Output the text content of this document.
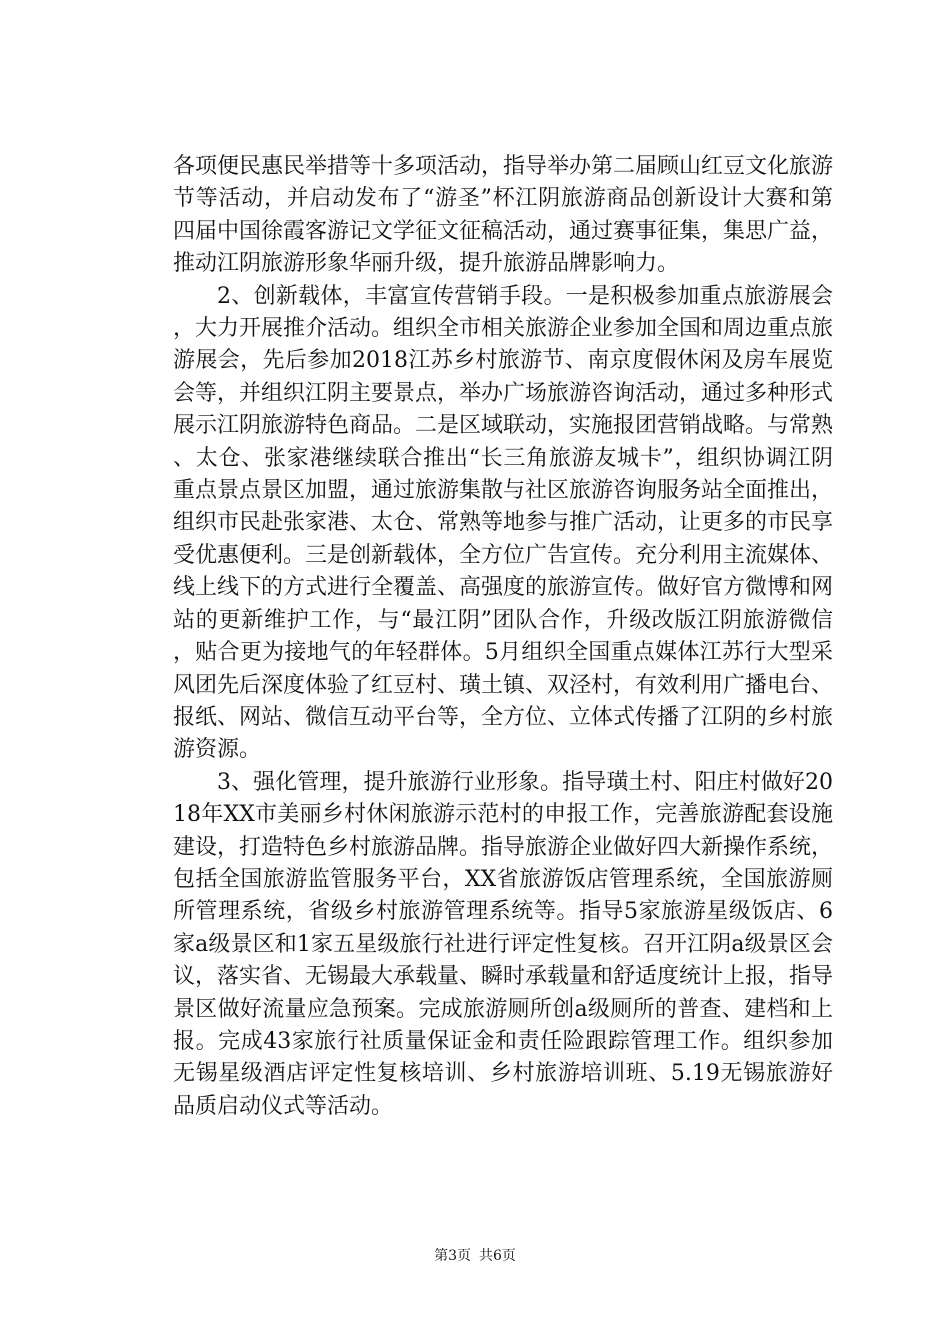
各项便民惠民举措等十多项活动，指导举办第二届顾山红豆文化旅游节等活动，并启动发布了“游圣”杯江阴旅游商品创新设计大赛和第四届中国徐霞客游记文学征文征稿活动，通过赛事征集，集思广益，推动江阴旅游形象华丽升级，提升旅游品牌影响力。

2、创新载体，丰富宣传营销手段。一是积极参加重点旅游展会，大力开展推介活动。组织全市相关旅游企业参加全国和周边重点旅游展会，先后参加2018江苏乡村旅游节、南京度假休闲及房车展览会等，并组织江阴主要景点，举办广场旅游咨询活动，通过多种形式展示江阴旅游特色商品。二是区域联动，实施报团营销战略。与常熟、太仓、张家港继续联合推出“长三角旅游友城卡”，组织协调江阴重点景点景区加盟，通过旅游集散与社区旅游咨询服务站全面推出，组织市民赴张家港、太仓、常熟等地参与推广活动，让更多的市民享受优惠便利。三是创新载体，全方位广告宣传。充分利用主流媒体、线上线下的方式进行全覆盖、高强度的旅游宣传。做好官方微博和网站的更新维护工作，与“最江阴”团队合作，升级改版江阴旅游微信，贴合更为接地气的年轻群体。5月组织全国重点媒体江苏行大型采风团先后深度体验了红豆村、璜土镇、双泾村，有效利用广播电台、报纸、网站、微信互动平台等，全方位、立体式传播了江阴的乡村旅游资源。

3、强化管理，提升旅游行业形象。指导璜土村、阳庄村做好2018年XX市美丽乡村休闲旅游示范村的申报工作，完善旅游配套设施建设，打造特色乡村旅游品牌。指导旅游企业做好四大新操作系统，包括全国旅游监管服务平台，XX省旅游饭店管理系统，全国旅游厕所管理系统，省级乡村旅游管理系统等。指导5家旅游星级饭店、6家a级景区和1家五星级旅行社进行评定性复核。召开江阴a级景区会议，落实省、无锡最大承载量、瞬时承载量和舒适度统计上报，指导景区做好流量应急预案。完成旅游厕所创a级厕所的普查、建档和上报。完成43家旅行社质量保证金和责任险跟踪管理工作。组织参加无锡星级酒店评定性复核培训、乡村旅游培训班、5.19无锡旅游好品质启动仪式等活动。

第3页 共6页
